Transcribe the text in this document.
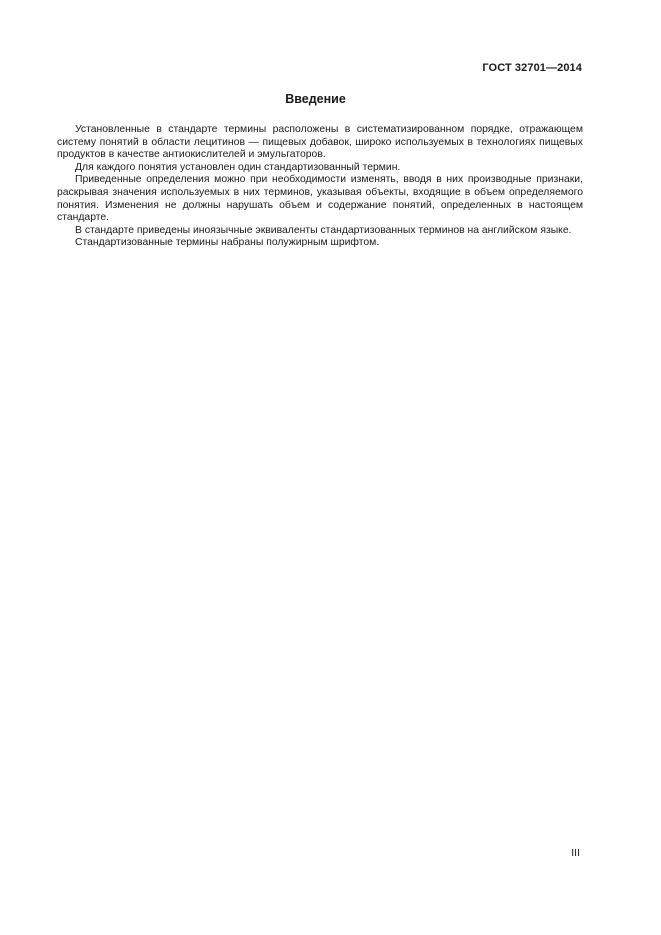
ГОСТ 32701—2014
Введение

Установленные в стандарте термины расположены в систематизированном порядке, отражающем систему понятий в области лецитинов — пищевых добавок, широко используемых в технологиях пищевых продуктов в качестве антиокислителей и эмульгаторов.

Для каждого понятия установлен один стандартизованный термин.

Приведенные определения можно при необходимости изменять, вводя в них производные признаки, раскрывая значения используемых в них терминов, указывая объекты, входящие в объем определяемого понятия. Изменения не должны нарушать объем и содержание понятий, определенных в настоящем стандарте.

В стандарте приведены иноязычные эквиваленты стандартизованных терминов на английском языке.

Стандартизованные термины набраны полужирным шрифтом.

III
